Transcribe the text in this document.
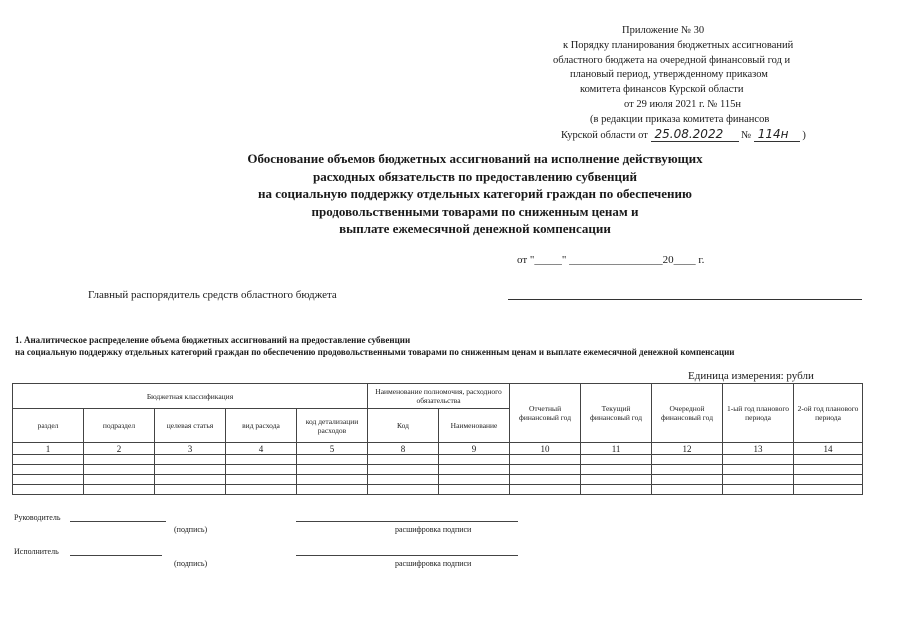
Приложение № 30
к Порядку планирования бюджетных ассигнований
областного бюджета на очередной финансовый год и
плановый период, утвержденному приказом
комитета финансов Курской области
от 29 июля 2021 г. № 115н
(в редакции приказа комитета финансов
Курской области от 25.08.2022 № 114н )
Обоснование объемов бюджетных ассигнований на исполнение действующих
расходных обязательств по предоставлению субвенций
на социальную поддержку отдельных категорий граждан по обеспечению
продовольственными товарами по сниженным ценам и
выплате ежемесячной денежной компенсации
от "_____" _________________20____ г.
Главный распорядитель средств областного бюджета
1. Аналитическое распределение объема бюджетных ассигнований на предоставление субвенции
на социальную поддержку отдельных категорий граждан по обеспечению продовольственными товарами по сниженным ценам и выплате ежемесячной денежной компенсации
Единица измерения: рубли
Бюджетная классификация					Наименование полномочия, расходного обязательства		Отчетный финансовый год	Текущий финансовый год	Очередной финансовый год	1-ый год планового периода	2-ой год планового периода
раздел	подраздел	целевая статья	вид расхода	код детализации расходов	Код	Наименование					
1	2	3	4	5	8	9	10	11	12	13	14

Руководитель
(подпись)	расшифровка подписи
Исполнитель
(подпись)	расшифровка подписи
